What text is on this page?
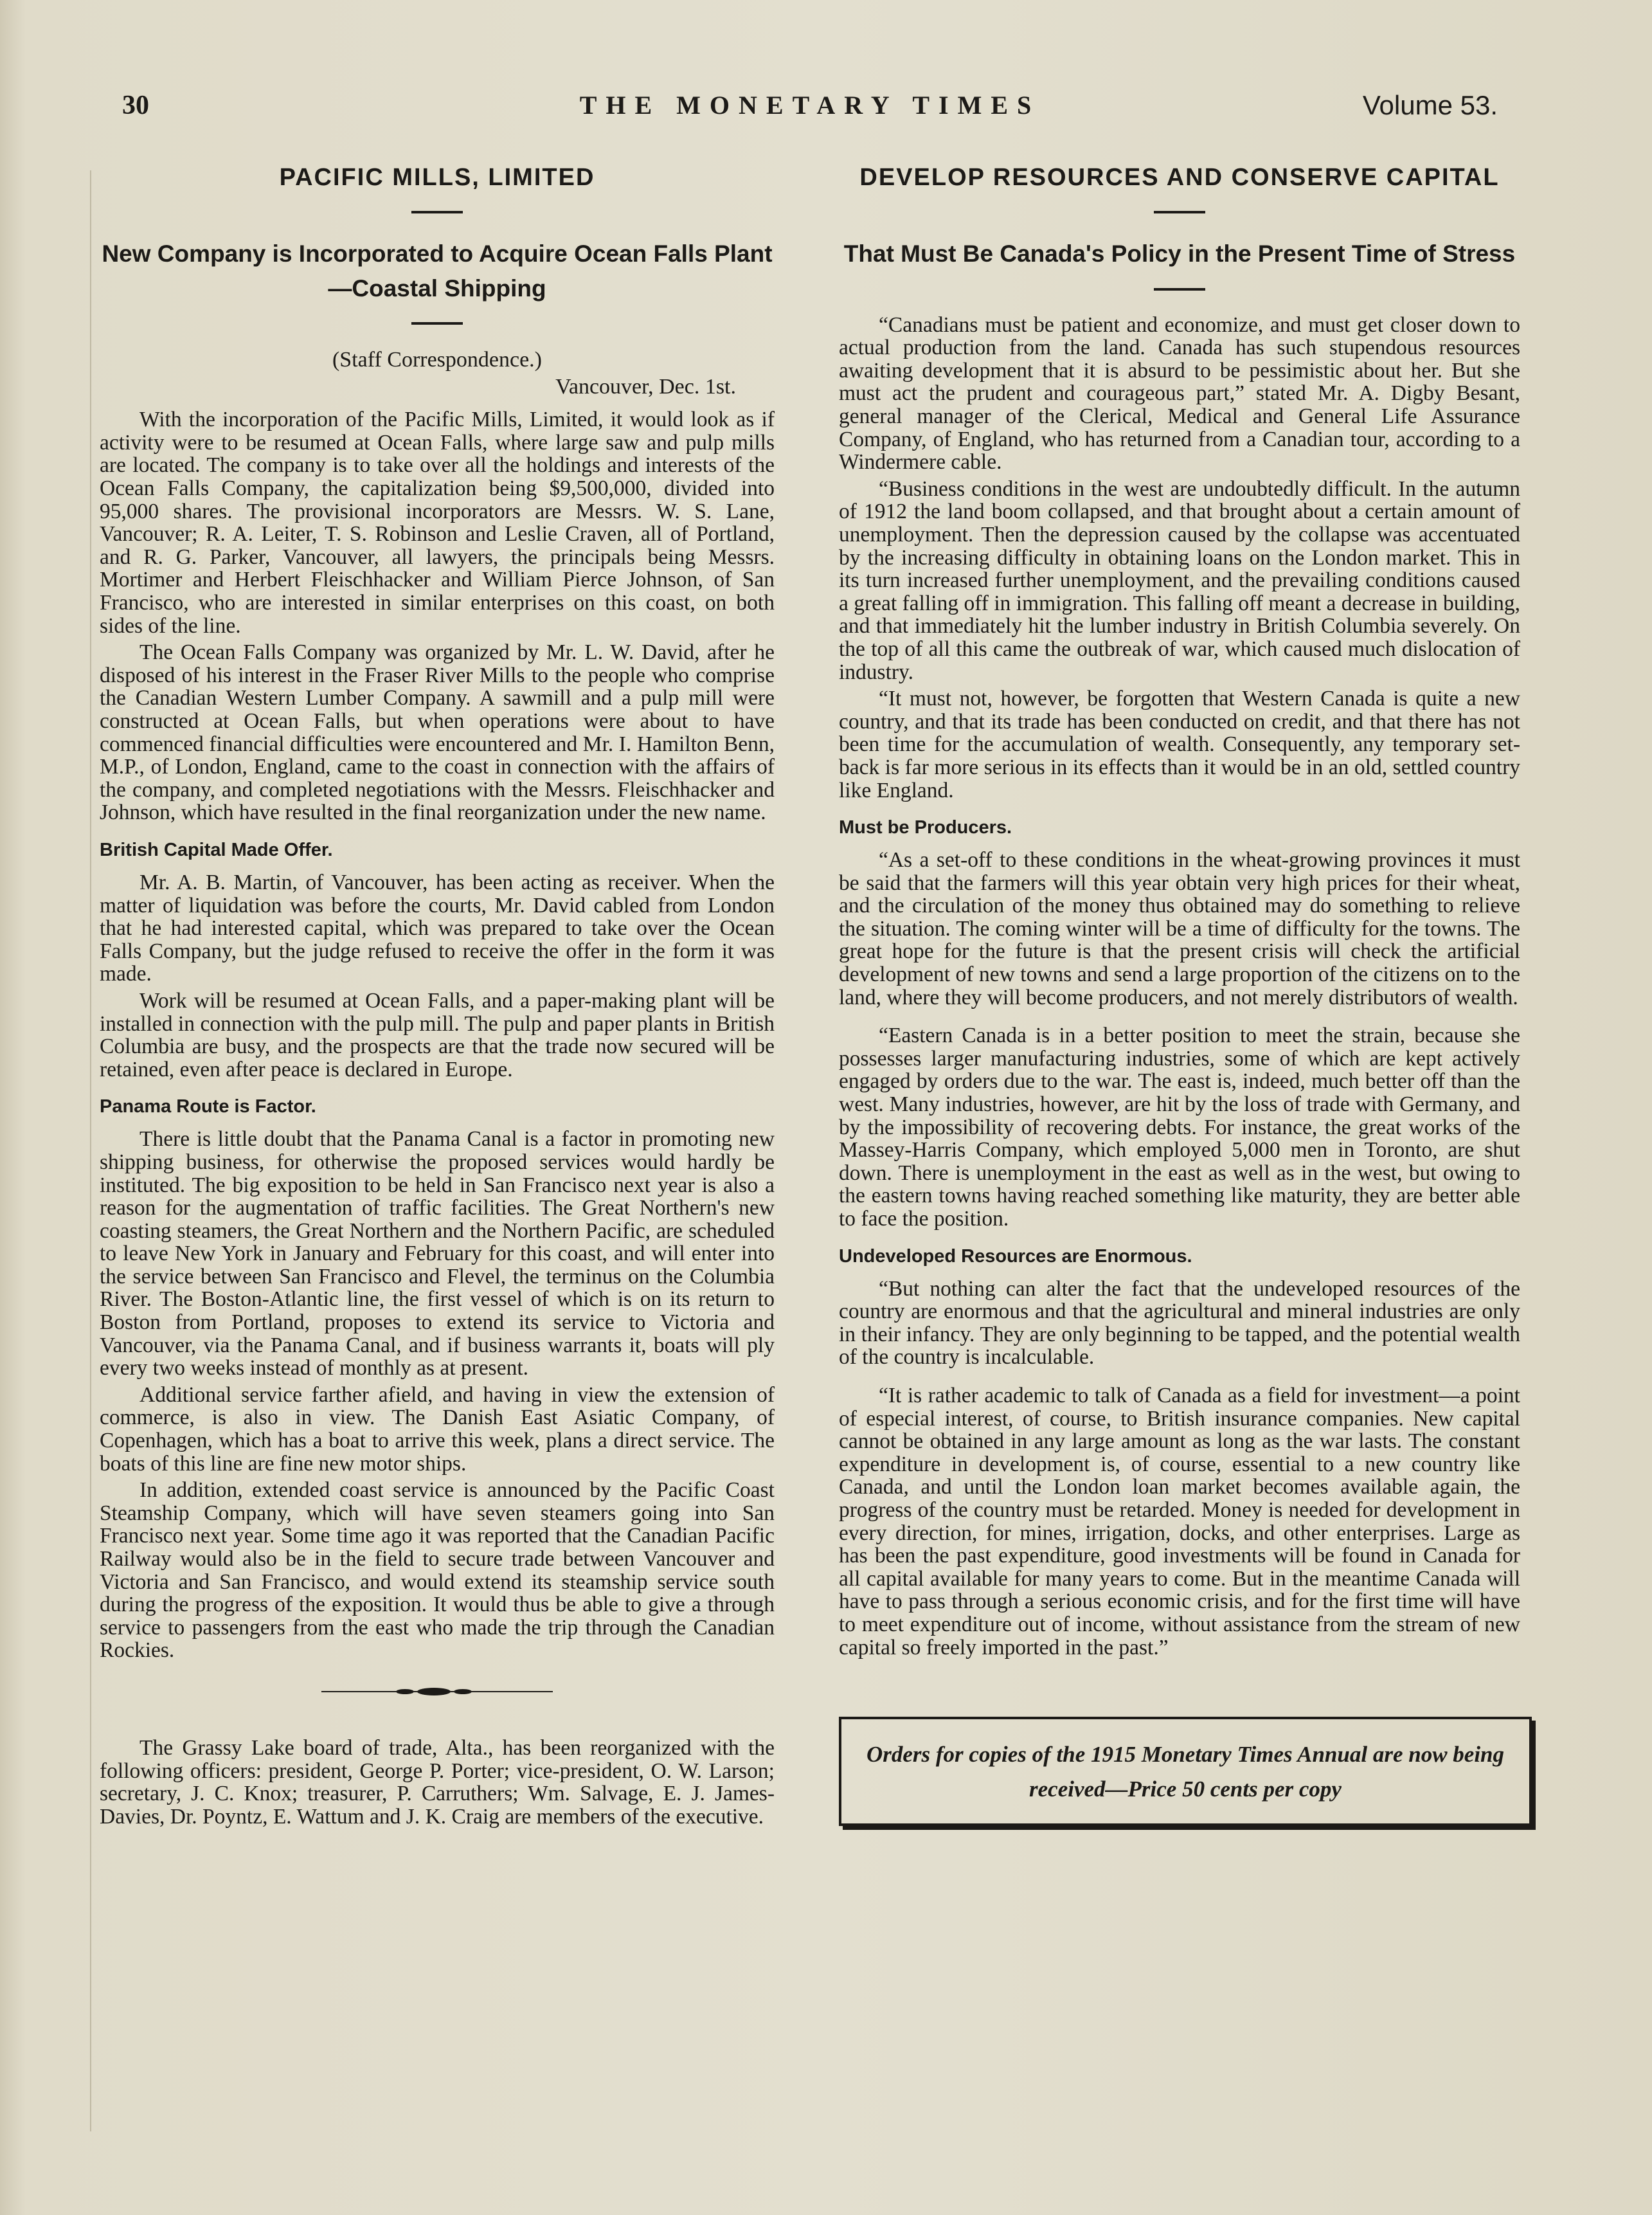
30	THE MONETARY TIMES	Volume 53.
PACIFIC MILLS, LIMITED
New Company is Incorporated to Acquire Ocean Falls Plant—Coastal Shipping
(Staff Correspondence.)
Vancouver, Dec. 1st.

With the incorporation of the Pacific Mills, Limited, it would look as if activity were to be resumed at Ocean Falls, where large saw and pulp mills are located. The company is to take over all the holdings and interests of the Ocean Falls Company, the capitalization being $9,500,000, divided into 95,000 shares. The provisional incorporators are Messrs. W. S. Lane, Vancouver; R. A. Leiter, T. S. Robinson and Leslie Craven, all of Portland, and R. G. Parker, Vancouver, all lawyers, the principals being Messrs. Mortimer and Herbert Fleischhacker and William Pierce Johnson, of San Francisco, who are interested in similar enterprises on this coast, on both sides of the line.

The Ocean Falls Company was organized by Mr. L. W. David, after he disposed of his interest in the Fraser River Mills to the people who comprise the Canadian Western Lumber Company. A sawmill and a pulp mill were constructed at Ocean Falls, but when operations were about to have commenced financial difficulties were encountered and Mr. I. Hamilton Benn, M.P., of London, England, came to the coast in connection with the affairs of the company, and completed negotiations with the Messrs. Fleischhacker and Johnson, which have resulted in the final reorganization under the new name.

British Capital Made Offer.

Mr. A. B. Martin, of Vancouver, has been acting as receiver. When the matter of liquidation was before the courts, Mr. David cabled from London that he had interested capital, which was prepared to take over the Ocean Falls Company, but the judge refused to receive the offer in the form it was made.

Work will be resumed at Ocean Falls, and a paper-making plant will be installed in connection with the pulp mill. The pulp and paper plants in British Columbia are busy, and the prospects are that the trade now secured will be retained, even after peace is declared in Europe.

Panama Route is Factor.

There is little doubt that the Panama Canal is a factor in promoting new shipping business, for otherwise the proposed services would hardly be instituted. The big exposition to be held in San Francisco next year is also a reason for the augmentation of traffic facilities. The Great Northern's new coasting steamers, the Great Northern and the Northern Pacific, are scheduled to leave New York in January and February for this coast, and will enter into the service between San Francisco and Flevel, the terminus on the Columbia River. The Boston-Atlantic line, the first vessel of which is on its return to Boston from Portland, proposes to extend its service to Victoria and Vancouver, via the Panama Canal, and if business warrants it, boats will ply every two weeks instead of monthly as at present.

Additional service farther afield, and having in view the extension of commerce, is also in view. The Danish East Asiatic Company, of Copenhagen, which has a boat to arrive this week, plans a direct service. The boats of this line are fine new motor ships.

In addition, extended coast service is announced by the Pacific Coast Steamship Company, which will have seven steamers going into San Francisco next year. Some time ago it was reported that the Canadian Pacific Railway would also be in the field to secure trade between Vancouver and Victoria and San Francisco, and would extend its steamship service south during the progress of the exposition. It would thus be able to give a through service to passengers from the east who made the trip through the Canadian Rockies.

The Grassy Lake board of trade, Alta., has been reorganized with the following officers: president, George P. Porter; vice-president, O. W. Larson; secretary, J. C. Knox; treasurer, P. Carruthers; Wm. Salvage, E. J. James-Davies, Dr. Poyntz, E. Wattum and J. K. Craig are members of the executive.

DEVELOP RESOURCES AND CONSERVE CAPITAL
That Must Be Canada's Policy in the Present Time of Stress

“Canadians must be patient and economize, and must get closer down to actual production from the land. Canada has such stupendous resources awaiting development that it is absurd to be pessimistic about her. But she must act the prudent and courageous part,” stated Mr. A. Digby Besant, general manager of the Clerical, Medical and General Life Assurance Company, of England, who has returned from a Canadian tour, according to a Windermere cable.

“Business conditions in the west are undoubtedly difficult. In the autumn of 1912 the land boom collapsed, and that brought about a certain amount of unemployment. Then the depression caused by the collapse was accentuated by the increasing difficulty in obtaining loans on the London market. This in its turn increased further unemployment, and the prevailing conditions caused a great falling off in immigration. This falling off meant a decrease in building, and that immediately hit the lumber industry in British Columbia severely. On the top of all this came the outbreak of war, which caused much dislocation of industry.

“It must not, however, be forgotten that Western Canada is quite a new country, and that its trade has been conducted on credit, and that there has not been time for the accumulation of wealth. Consequently, any temporary set-back is far more serious in its effects than it would be in an old, settled country like England.

Must be Producers.

“As a set-off to these conditions in the wheat-growing provinces it must be said that the farmers will this year obtain very high prices for their wheat, and the circulation of the money thus obtained may do something to relieve the situation. The coming winter will be a time of difficulty for the towns. The great hope for the future is that the present crisis will check the artificial development of new towns and send a large proportion of the citizens on to the land, where they will become producers, and not merely distributors of wealth.

“Eastern Canada is in a better position to meet the strain, because she possesses larger manufacturing industries, some of which are kept actively engaged by orders due to the war. The east is, indeed, much better off than the west. Many industries, however, are hit by the loss of trade with Germany, and by the impossibility of recovering debts. For instance, the great works of the Massey-Harris Company, which employed 5,000 men in Toronto, are shut down. There is unemployment in the east as well as in the west, but owing to the eastern towns having reached something like maturity, they are better able to face the position.

Undeveloped Resources are Enormous.

“But nothing can alter the fact that the undeveloped resources of the country are enormous and that the agricultural and mineral industries are only in their infancy. They are only beginning to be tapped, and the potential wealth of the country is incalculable.

“It is rather academic to talk of Canada as a field for investment—a point of especial interest, of course, to British insurance companies. New capital cannot be obtained in any large amount as long as the war lasts. The constant expenditure in development is, of course, essential to a new country like Canada, and until the London loan market becomes available again, the progress of the country must be retarded. Money is needed for development in every direction, for mines, irrigation, docks, and other enterprises. Large as has been the past expenditure, good investments will be found in Canada for all capital available for many years to come. But in the meantime Canada will have to pass through a serious economic crisis, and for the first time will have to meet expenditure out of income, without assistance from the stream of new capital so freely imported in the past.”

Orders for copies of the 1915 Monetary Times Annual are now being received—Price 50 cents per copy
